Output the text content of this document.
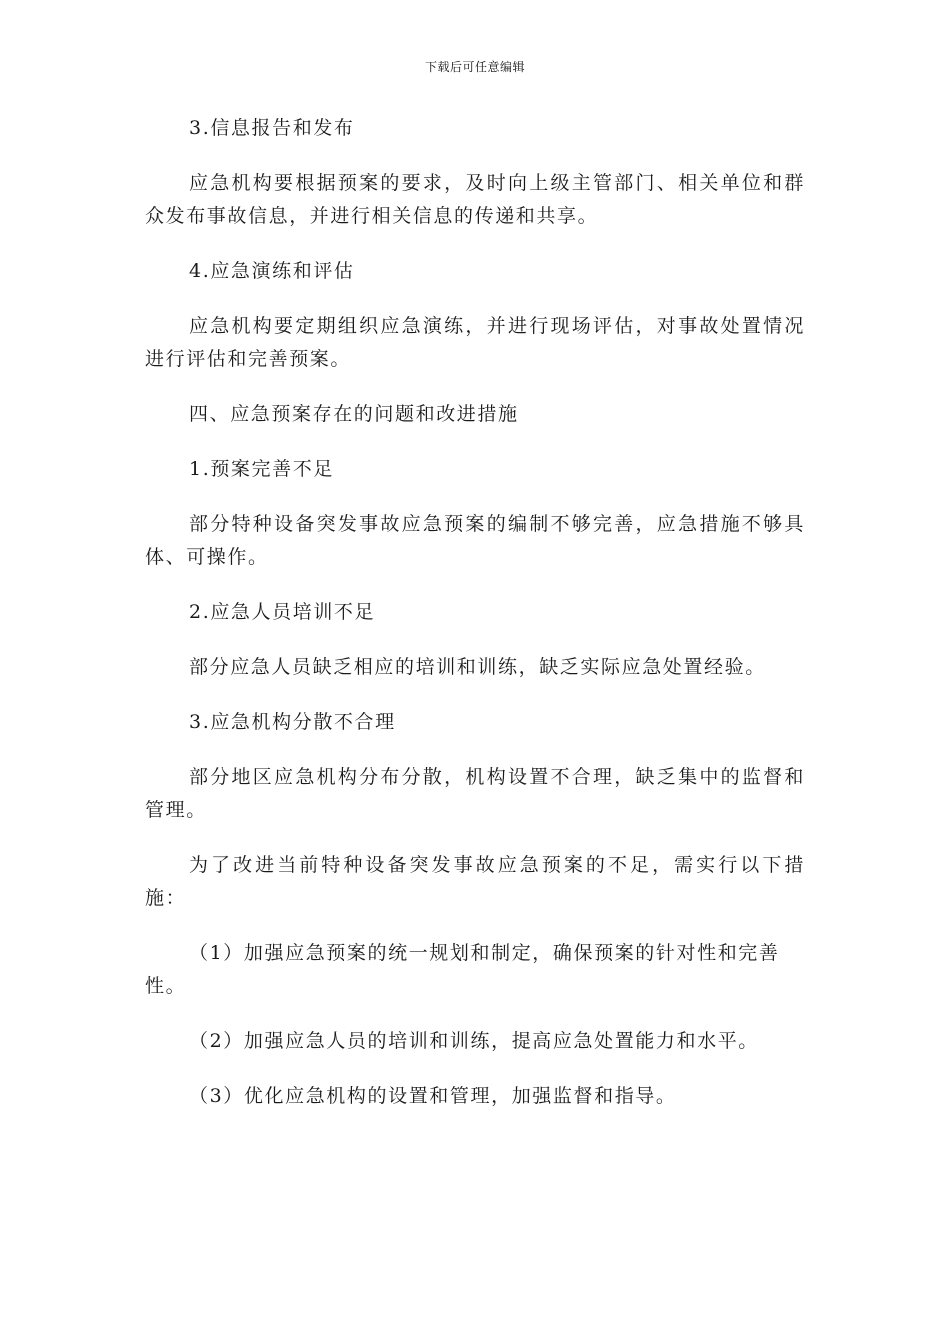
下载后可任意编辑
3.信息报告和发布

应急机构要根据预案的要求，及时向上级主管部门、相关单位和群众发布事故信息，并进行相关信息的传递和共享。

4.应急演练和评估

应急机构要定期组织应急演练，并进行现场评估，对事故处置情况进行评估和完善预案。

四、应急预案存在的问题和改进措施
1.预案完善不足

部分特种设备突发事故应急预案的编制不够完善，应急措施不够具体、可操作。

2.应急人员培训不足

部分应急人员缺乏相应的培训和训练，缺乏实际应急处置经验。

3.应急机构分散不合理

部分地区应急机构分布分散，机构设置不合理，缺乏集中的监督和管理。

为了改进当前特种设备突发事故应急预案的不足，需实行以下措施：

（1）加强应急预案的统一规划和制定，确保预案的针对性和完善性。

（2）加强应急人员的培训和训练，提高应急处置能力和水平。

（3）优化应急机构的设置和管理，加强监督和指导。
